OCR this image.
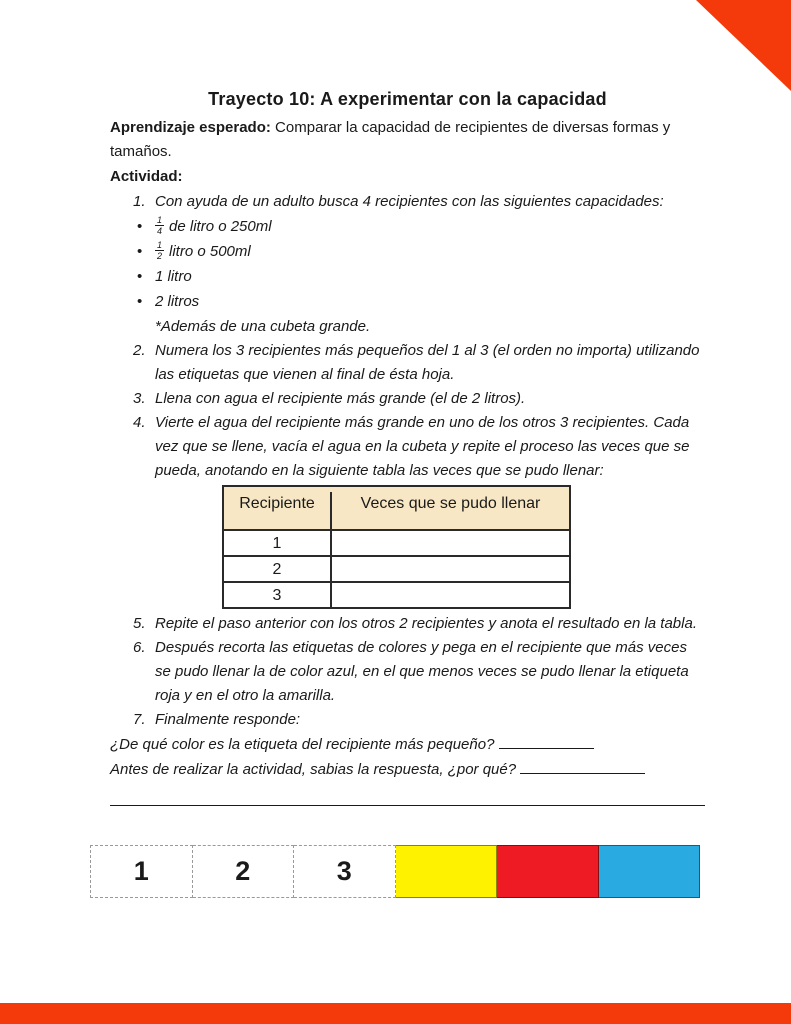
Trayecto 10: A experimentar con la capacidad
Aprendizaje esperado: Comparar la capacidad de recipientes de diversas formas y tamaños.
Actividad:
1. Con ayuda de un adulto busca 4 recipientes con las siguientes capacidades:
•	$\frac{1}{4}$ de litro o 250ml
•	$\frac{1}{2}$ litro o 500ml
• 1 litro
• 2 litros
*Además de una cubeta grande.
2. Numera los 3 recipientes más pequeños del 1 al 3 (el orden no importa) utilizando las etiquetas que vienen al final de ésta hoja.
3. Llena con agua el recipiente más grande (el de 2 litros).
4. Vierte el agua del recipiente más grande en uno de los otros 3 recipientes. Cada vez que se llene, vacía el agua en la cubeta y repite el proceso las veces que se pueda, anotando en la siguiente tabla las veces que se pudo llenar:
Recipiente	Veces que se pudo llenar
1
2
3
5. Repite el paso anterior con los otros 2 recipientes y anota el resultado en la tabla.
6. Después recorta las etiquetas de colores y pega en el recipiente que más veces se pudo llenar la de color azul, en el que menos veces se pudo llenar la etiqueta roja y en el otro la amarilla.
7. Finalmente responde:
¿De qué color es la etiqueta del recipiente más pequeño?
Antes de realizar la actividad, sabias la respuesta, ¿por qué?
1	2	3
